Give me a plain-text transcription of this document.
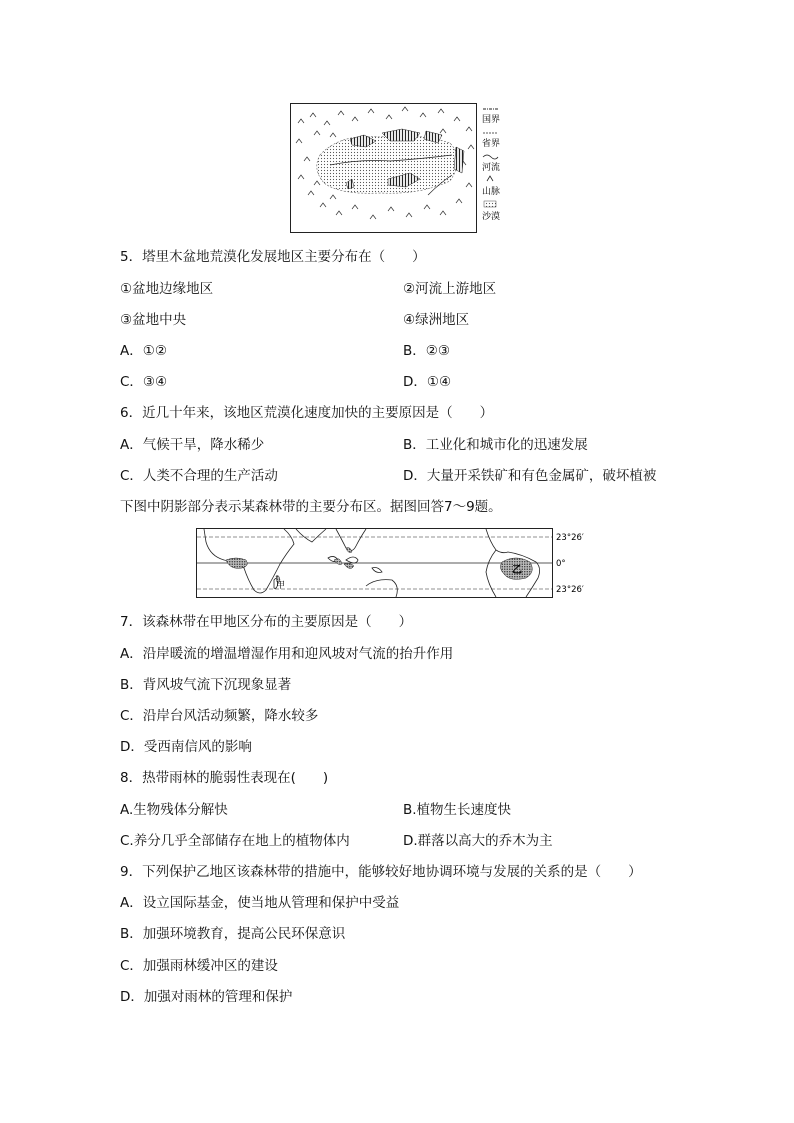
国界
省界
河流
山脉
沙漠
5．塔里木盆地荒漠化发展地区主要分布在（　　）
①盆地边缘地区	②河流上游地区
③盆地中央	④绿洲地区
A．①②	B．②③
C．③④	D．①④
6．近几十年来，该地区荒漠化速度加快的主要原因是（　　）
A．气候干旱，降水稀少	B．工业化和城市化的迅速发展
C．人类不合理的生产活动	D．大量开采铁矿和有色金属矿，破坏植被
下图中阴影部分表示某森林带的主要分布区。据图回答7～9题。
23°26′
0°
23°26′
甲
乙
7．该森林带在甲地区分布的主要原因是（　　）
A．沿岸暖流的增温增湿作用和迎风坡对气流的抬升作用
B．背风坡气流下沉现象显著
C．沿岸台风活动频繁，降水较多
D．受西南信风的影响
8．热带雨林的脆弱性表现在(　　)
A.生物残体分解快	B.植物生长速度快
C.养分几乎全部储存在地上的植物体内	D.群落以高大的乔木为主
9．下列保护乙地区该森林带的措施中，能够较好地协调环境与发展的关系的是（　　）
A．设立国际基金，使当地从管理和保护中受益
B．加强环境教育，提高公民环保意识
C．加强雨林缓冲区的建设
D．加强对雨林的管理和保护
